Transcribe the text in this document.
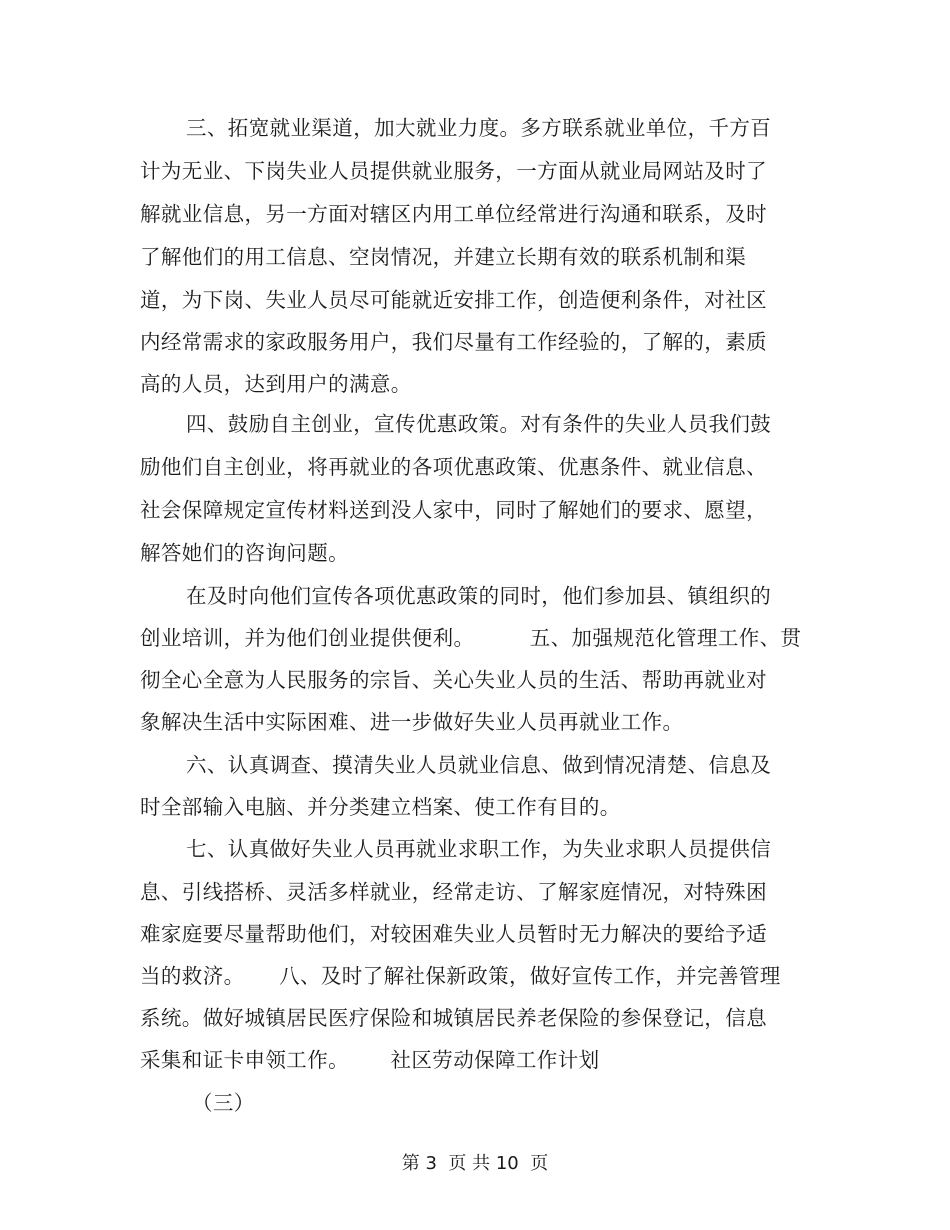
三、拓宽就业渠道，加大就业力度。多方联系就业单位，千方百
计为无业、下岗失业人员提供就业服务，一方面从就业局网站及时了
解就业信息，另一方面对辖区内用工单位经常进行沟通和联系，及时
了解他们的用工信息、空岗情况，并建立长期有效的联系机制和渠
道，为下岗、失业人员尽可能就近安排工作，创造便利条件，对社区
内经常需求的家政服务用户，我们尽量有工作经验的，了解的，素质
高的人员，达到用户的满意。
四、鼓励自主创业，宣传优惠政策。对有条件的失业人员我们鼓
励他们自主创业，将再就业的各项优惠政策、优惠条件、就业信息、
社会保障规定宣传材料送到没人家中，同时了解她们的要求、愿望，
解答她们的咨询问题。
在及时向他们宣传各项优惠政策的同时，他们参加县、镇组织的
创业培训，并为他们创业提供便利。        五、加强规范化管理工作、贯
彻全心全意为人民服务的宗旨、关心失业人员的生活、帮助再就业对
象解决生活中实际困难、进一步做好失业人员再就业工作。
六、认真调查、摸清失业人员就业信息、做到情况清楚、信息及
时全部输入电脑、并分类建立档案、使工作有目的。
七、认真做好失业人员再就业求职工作，为失业求职人员提供信
息、引线搭桥、灵活多样就业，经常走访、了解家庭情况，对特殊困
难家庭要尽量帮助他们，对较困难失业人员暂时无力解决的要给予适
当的救济。     八、及时了解社保新政策，做好宣传工作，并完善管理
系统。做好城镇居民医疗保险和城镇居民养老保险的参保登记，信息
采集和证卡申领工作。      社区劳动保障工作计划
（三）
第 3  页 共 10  页
